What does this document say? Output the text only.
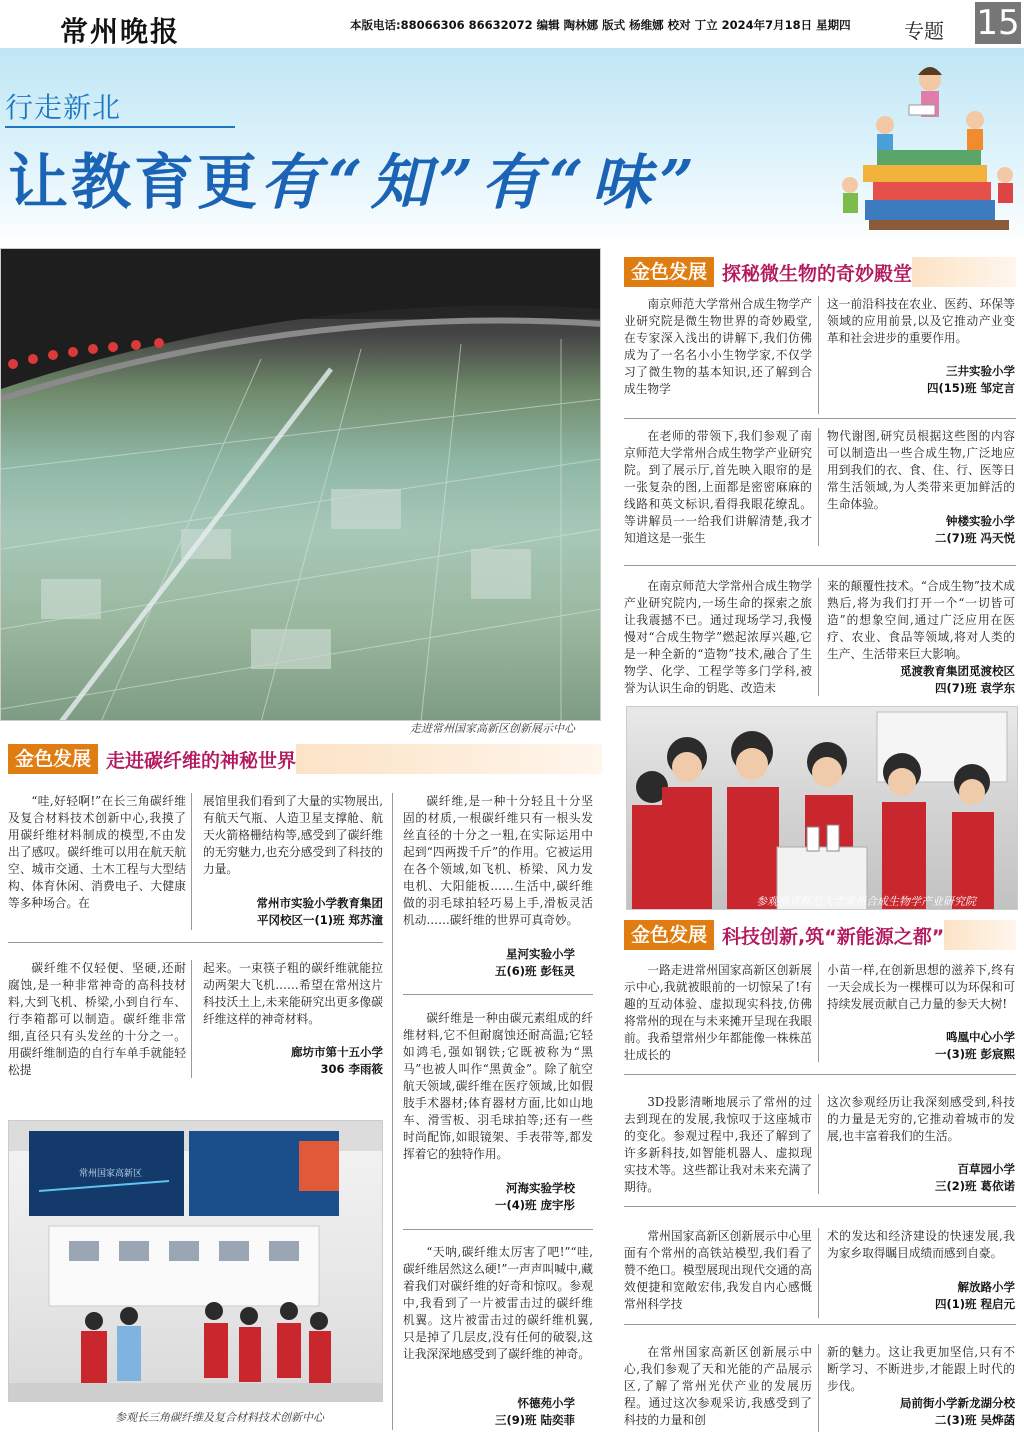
常州晚报	本版电话:88066306 86632072 编辑 陶林娜 版式 杨维娜 校对 丁立 2024年7月18日 星期四	专题 15
行走新北
让教育更有“知”有“味”
走进常州国家高新区创新展示中心
金色发展 探秘微生物的奇妙殿堂

南京师范大学常州合成生物学产业研究院是微生物世界的奇妙殿堂,在专家深入浅出的讲解下,我们仿佛成为了一名名小小生物学家,不仅学习了微生物的基本知识,还了解到合成生物学

这一前沿科技在农业、医药、环保等领域的应用前景,以及它推动产业变革和社会进步的重要作用。

三井实验小学
四(15)班 邹定言

在老师的带领下,我们参观了南京师范大学常州合成生物学产业研究院。到了展示厅,首先映入眼帘的是一张复杂的图,上面都是密密麻麻的线路和英文标识,看得我眼花缭乱。等讲解员一一给我们讲解清楚,我才知道这是一张生

物代谢图,研究员根据这些图的内容可以制造出一些合成生物,广泛地应用到我们的衣、食、住、行、医等日常生活领域,为人类带来更加鲜活的生命体验。

钟楼实验小学
二(7)班 冯天悦

在南京师范大学常州合成生物学产业研究院内,一场生命的探索之旅让我震撼不已。通过现场学习,我慢慢对“合成生物学”燃起浓厚兴趣,它是一种全新的“造物”技术,融合了生物学、化学、工程学等多门学科,被誉为认识生命的钥匙、改造未

来的颠覆性技术。“合成生物”技术成熟后,将为我们打开一个“一切皆可造”的想象空间,通过广泛应用在医疗、农业、食品等领域,将对人类的生产、生活带来巨大影响。

觅渡教育集团觅渡校区
四(7)班 袁学东
参观南京师范大学常州合成生物学产业研究院
金色发展 科技创新,筑“新能源之都”

一路走进常州国家高新区创新展示中心,我就被眼前的一切惊呆了!有趣的互动体验、虚拟现实科技,仿佛将常州的现在与未来摊开呈现在我眼前。我希望常州少年都能像一株株茁壮成长的

小苗一样,在创新思想的滋养下,终有一天会成长为一棵棵可以为环保和可持续发展贡献自己力量的参天大树!

鸣凰中心小学
一(3)班 彭宸熙

3D投影清晰地展示了常州的过去到现在的发展,我惊叹于这座城市的变化。参观过程中,我还了解到了许多新科技,如智能机器人、虚拟现实技术等。这些都让我对未来充满了期待。

这次参观经历让我深刻感受到,科技的力量是无穷的,它推动着城市的发展,也丰富着我们的生活。

百草园小学
三(2)班 葛依诺

常州国家高新区创新展示中心里面有个常州的高铁站模型,我们看了赞不绝口。模型展现出现代交通的高效便捷和宽敞宏伟,我发自内心感慨常州科学技

术的发达和经济建设的快速发展,我为家乡取得瞩目成绩而感到自豪。

解放路小学
四(1)班 程启元

在常州国家高新区创新展示中心,我们参观了天和光能的产品展示区,了解了常州光伏产业的发展历程。通过这次参观采访,我感受到了科技的力量和创

新的魅力。这让我更加坚信,只有不断学习、不断进步,才能跟上时代的步伐。

局前街小学新龙湖分校
二(3)班 吴烨菡
金色发展 走进碳纤维的神秘世界

“哇,好轻啊!”在长三角碳纤维及复合材料技术创新中心,我摸了用碳纤维材料制成的模型,不由发出了感叹。碳纤维可以用在航天航空、城市交通、土木工程与大型结构、体育休闲、消费电子、大健康等多种场合。在

展馆里我们看到了大量的实物展出,有航天气瓶、人造卫星支撑舱、航天火箭格栅结构等,感受到了碳纤维的无穷魅力,也充分感受到了科技的力量。

常州市实验小学教育集团
平冈校区一(1)班 郑苏潼

碳纤维不仅轻便、坚硬,还耐腐蚀,是一种非常神奇的高科技材料,大到飞机、桥梁,小到自行车、行李箱都可以制造。碳纤维非常细,直径只有头发丝的十分之一。用碳纤维制造的自行车单手就能轻松提

起来。一束筷子粗的碳纤维就能拉动两架大飞机……希望在常州这片科技沃土上,未来能研究出更多像碳纤维这样的神奇材料。

廊坊市第十五小学
306 李雨筱

碳纤维,是一种十分轻且十分坚固的材质,一根碳纤维只有一根头发丝直径的十分之一粗,在实际运用中起到“四两拨千斤”的作用。它被运用在各个领域,如飞机、桥梁、风力发电机、大阳能板……生活中,碳纤维做的羽毛球拍轻巧易上手,滑板灵活机动……碳纤维的世界可真奇妙。

星河实验小学
五(6)班 彭钰灵

碳纤维是一种由碳元素组成的纤维材料,它不但耐腐蚀还耐高温;它轻如鸿毛,强如钢铁;它既被称为“黑马”也被人叫作“黑黄金”。除了航空航天领域,碳纤维在医疗领域,比如假肢手术器材;体育器材方面,比如山地车、滑雪板、羽毛球拍等;还有一些时尚配饰,如眼镜架、手表带等,都发挥着它的独特作用。

河海实验学校
一(4)班 庞宇彤

“天呐,碳纤维太厉害了吧!”“哇,碳纤维居然这么硬!”一声声叫喊中,藏着我们对碳纤维的好奇和惊叹。参观中,我看到了一片被雷击过的碳纤维机翼。这片被雷击过的碳纤维机翼,只是掉了几层皮,没有任何的破裂,这让我深深地感受到了碳纤维的神奇。

怀德苑小学
三(9)班 陆奕菲
常州国家高新区
参观长三角碳纤维及复合材料技术创新中心
